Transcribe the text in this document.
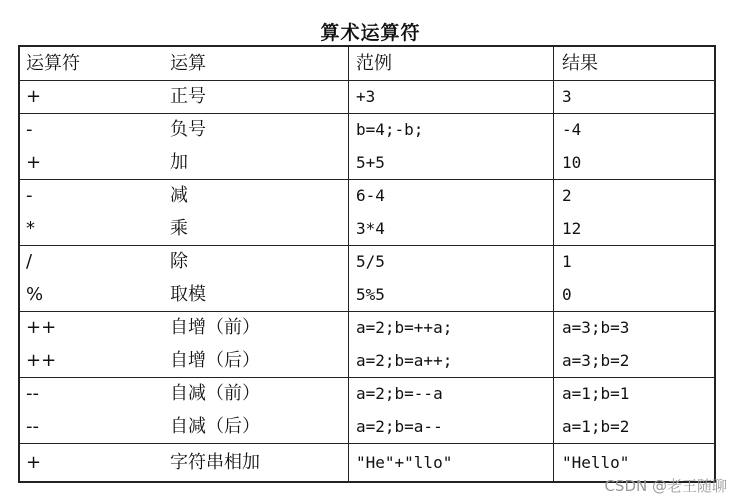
算术运算符
运算符	运算	范例	结果
+	正号	+3	3
-	负号	b=4;-b;	-4
+	加	5+5	10
-	减	6-4	2
*	乘	3*4	12
/	除	5/5	1
%	取模	5%5	0
++	自增（前）	a=2;b=++a;	a=3;b=3
++	自增（后）	a=2;b=a++;	a=3;b=2
--	自减（前）	a=2;b=--a	a=1;b=1
--	自减（后）	a=2;b=a--	a=1;b=2
+	字符串相加	"He"+"llo"	"Hello"
CSDN @老王随聊
